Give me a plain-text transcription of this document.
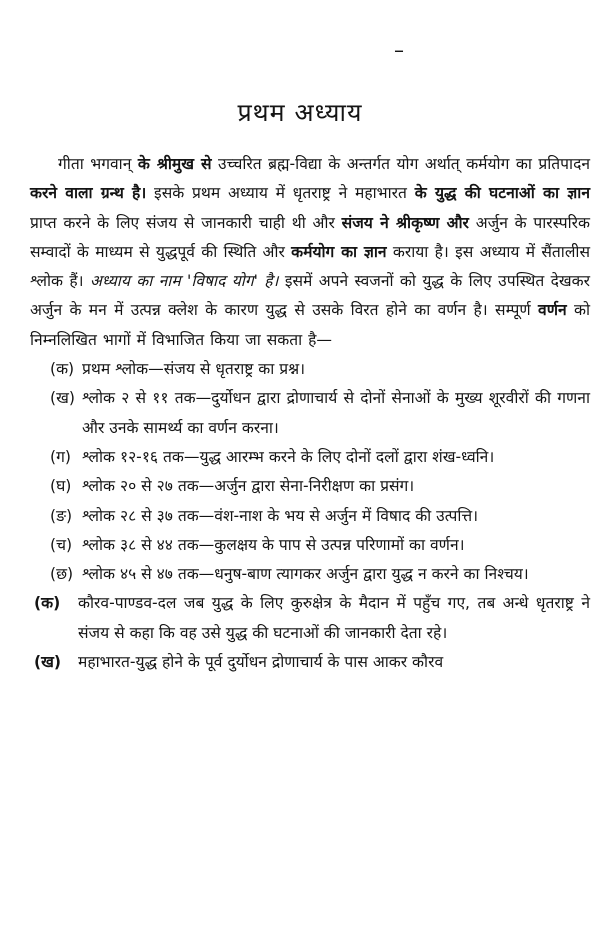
–
प्रथम अध्याय

गीता भगवान् के श्रीमुख से उच्चरित ब्रह्म-विद्या के अन्तर्गत योग अर्थात् कर्मयोग का प्रतिपादन करने वाला ग्रन्थ है। इसके प्रथम अध्याय में धृतराष्ट्र ने महाभारत के युद्ध की घटनाओं का ज्ञान प्राप्त करने के लिए संजय से जानकारी चाही थी और संजय ने श्रीकृष्ण और अर्जुन के पारस्परिक सम्वादों के माध्यम से युद्धपूर्व की स्थिति और कर्मयोग का ज्ञान कराया है। इस अध्याय में सैंतालीस श्लोक हैं। अध्याय का नाम 'विषाद योग' है। इसमें अपने स्वजनों को युद्ध के लिए उपस्थित देखकर अर्जुन के मन में उत्पन्न क्लेश के कारण युद्ध से उसके विरत होने का वर्णन है। सम्पूर्ण वर्णन को निम्नलिखित भागों में विभाजित किया जा सकता है—

(क) प्रथम श्लोक—संजय से धृतराष्ट्र का प्रश्न।
(ख) श्लोक २ से ११ तक—दुर्योधन द्वारा द्रोणाचार्य से दोनों सेनाओं के मुख्य शूरवीरों की गणना और उनके सामर्थ्य का वर्णन करना।
(ग) श्लोक १२-१६ तक—युद्ध आरम्भ करने के लिए दोनों दलों द्वारा शंख-ध्वनि।
(घ) श्लोक २० से २७ तक—अर्जुन द्वारा सेना-निरीक्षण का प्रसंग।
(ङ) श्लोक २८ से ३७ तक—वंश-नाश के भय से अर्जुन में विषाद की उत्पत्ति।
(च) श्लोक ३८ से ४४ तक—कुलक्षय के पाप से उत्पन्न परिणामों का वर्णन।
(छ) श्लोक ४५ से ४७ तक—धनुष-बाण त्यागकर अर्जुन द्वारा युद्ध न करने का निश्चय।
(क)	कौरव-पाण्डव-दल जब युद्ध के लिए कुरुक्षेत्र के मैदान में पहुँच गए, तब अन्धे धृतराष्ट्र ने संजय से कहा कि वह उसे युद्ध की घटनाओं की जानकारी देता रहे।
(ख)	महाभारत-युद्ध होने के पूर्व दुर्योधन द्रोणाचार्य के पास आकर कौरव
